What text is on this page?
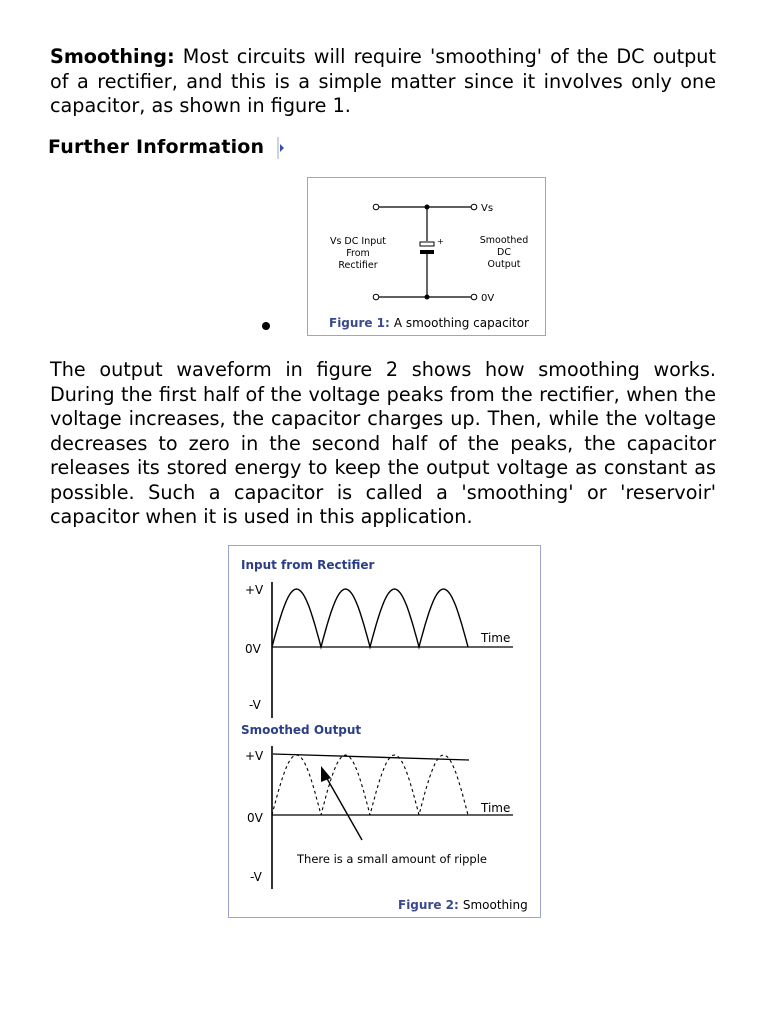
Smoothing: Most circuits will require 'smoothing' of the DC output of a rectifier, and this is a simple matter since it involves only one capacitor, as shown in figure 1.

Further Information
+
Vs
0V
Vs DC Input
From
Rectifier
Smoothed
DC
Output
Figure 1: A smoothing capacitor

The output waveform in figure 2 shows how smoothing works. During the first half of the voltage peaks from the rectifier, when the voltage increases, the capacitor charges up. Then, while the voltage decreases to zero in the second half of the peaks, the capacitor releases its stored energy to keep the output voltage as constant as possible. Such a capacitor is called a 'smoothing' or 'reservoir' capacitor when it is used in this application.

Input from Rectifier
+V
0V
-V
Time
Smoothed Output
+V
0V
-V
Time
There is a small amount of ripple
Figure 2: Smoothing
